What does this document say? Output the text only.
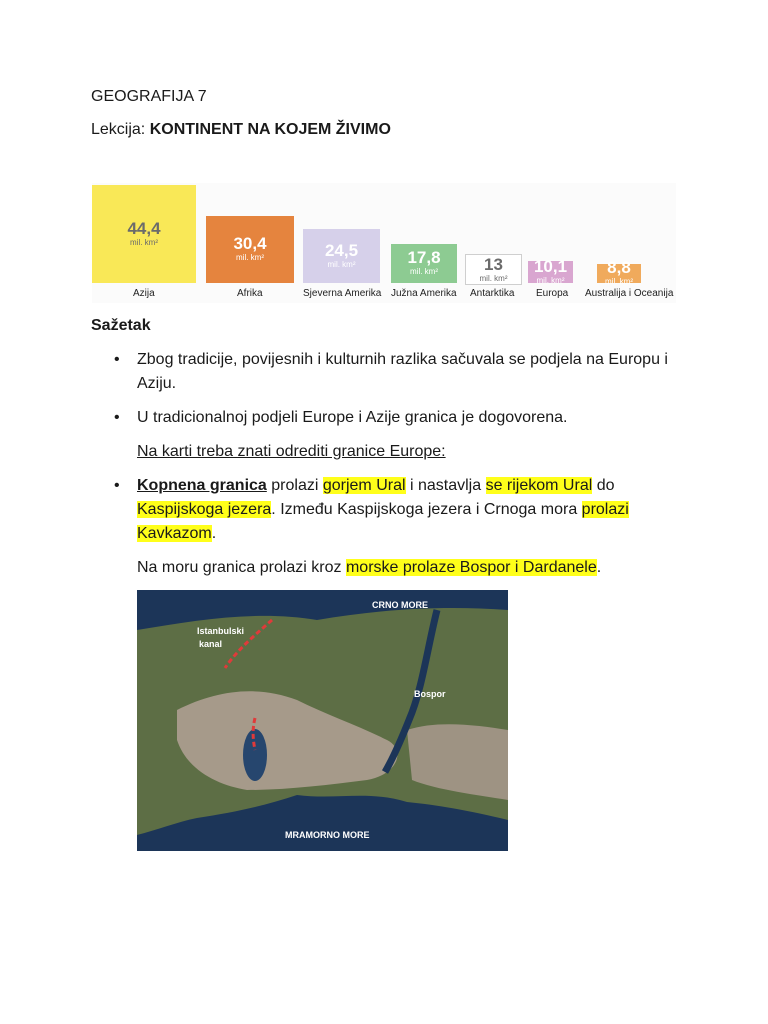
GEOGRAFIJA 7
Lekcija: KONTINENT NA KOJEM ŽIVIMO
44,4
mil. km²
Azija
30,4
mil. km²
Afrika
24,5
mil. km²
Sjeverna Amerika
17,8
mil. km²
Južna Amerika
13
mil. km²
Antarktika
10,1
mil. km²
Europa
8,8
mil. km²
Australija i Oceanija
Sažetak
• Zbog tradicije, povijesnih i kulturnih razlika sačuvala se podjela na Europu i Aziju.
• U tradicionalnoj podjeli Europe i Azije granica je dogovorena.
Na karti treba znati odrediti granice Europe:
• Kopnena granica prolazi gorjem Ural i nastavlja se rijekom Ural do Kaspijskoga jezera. Između Kaspijskoga jezera i Crnoga mora prolazi Kavkazom.
Na moru granica prolazi kroz morske prolaze Bospor i Dardanele.
CRNO MORE
Istanbulski
kanal
Bospor
MRAMORNO MORE
